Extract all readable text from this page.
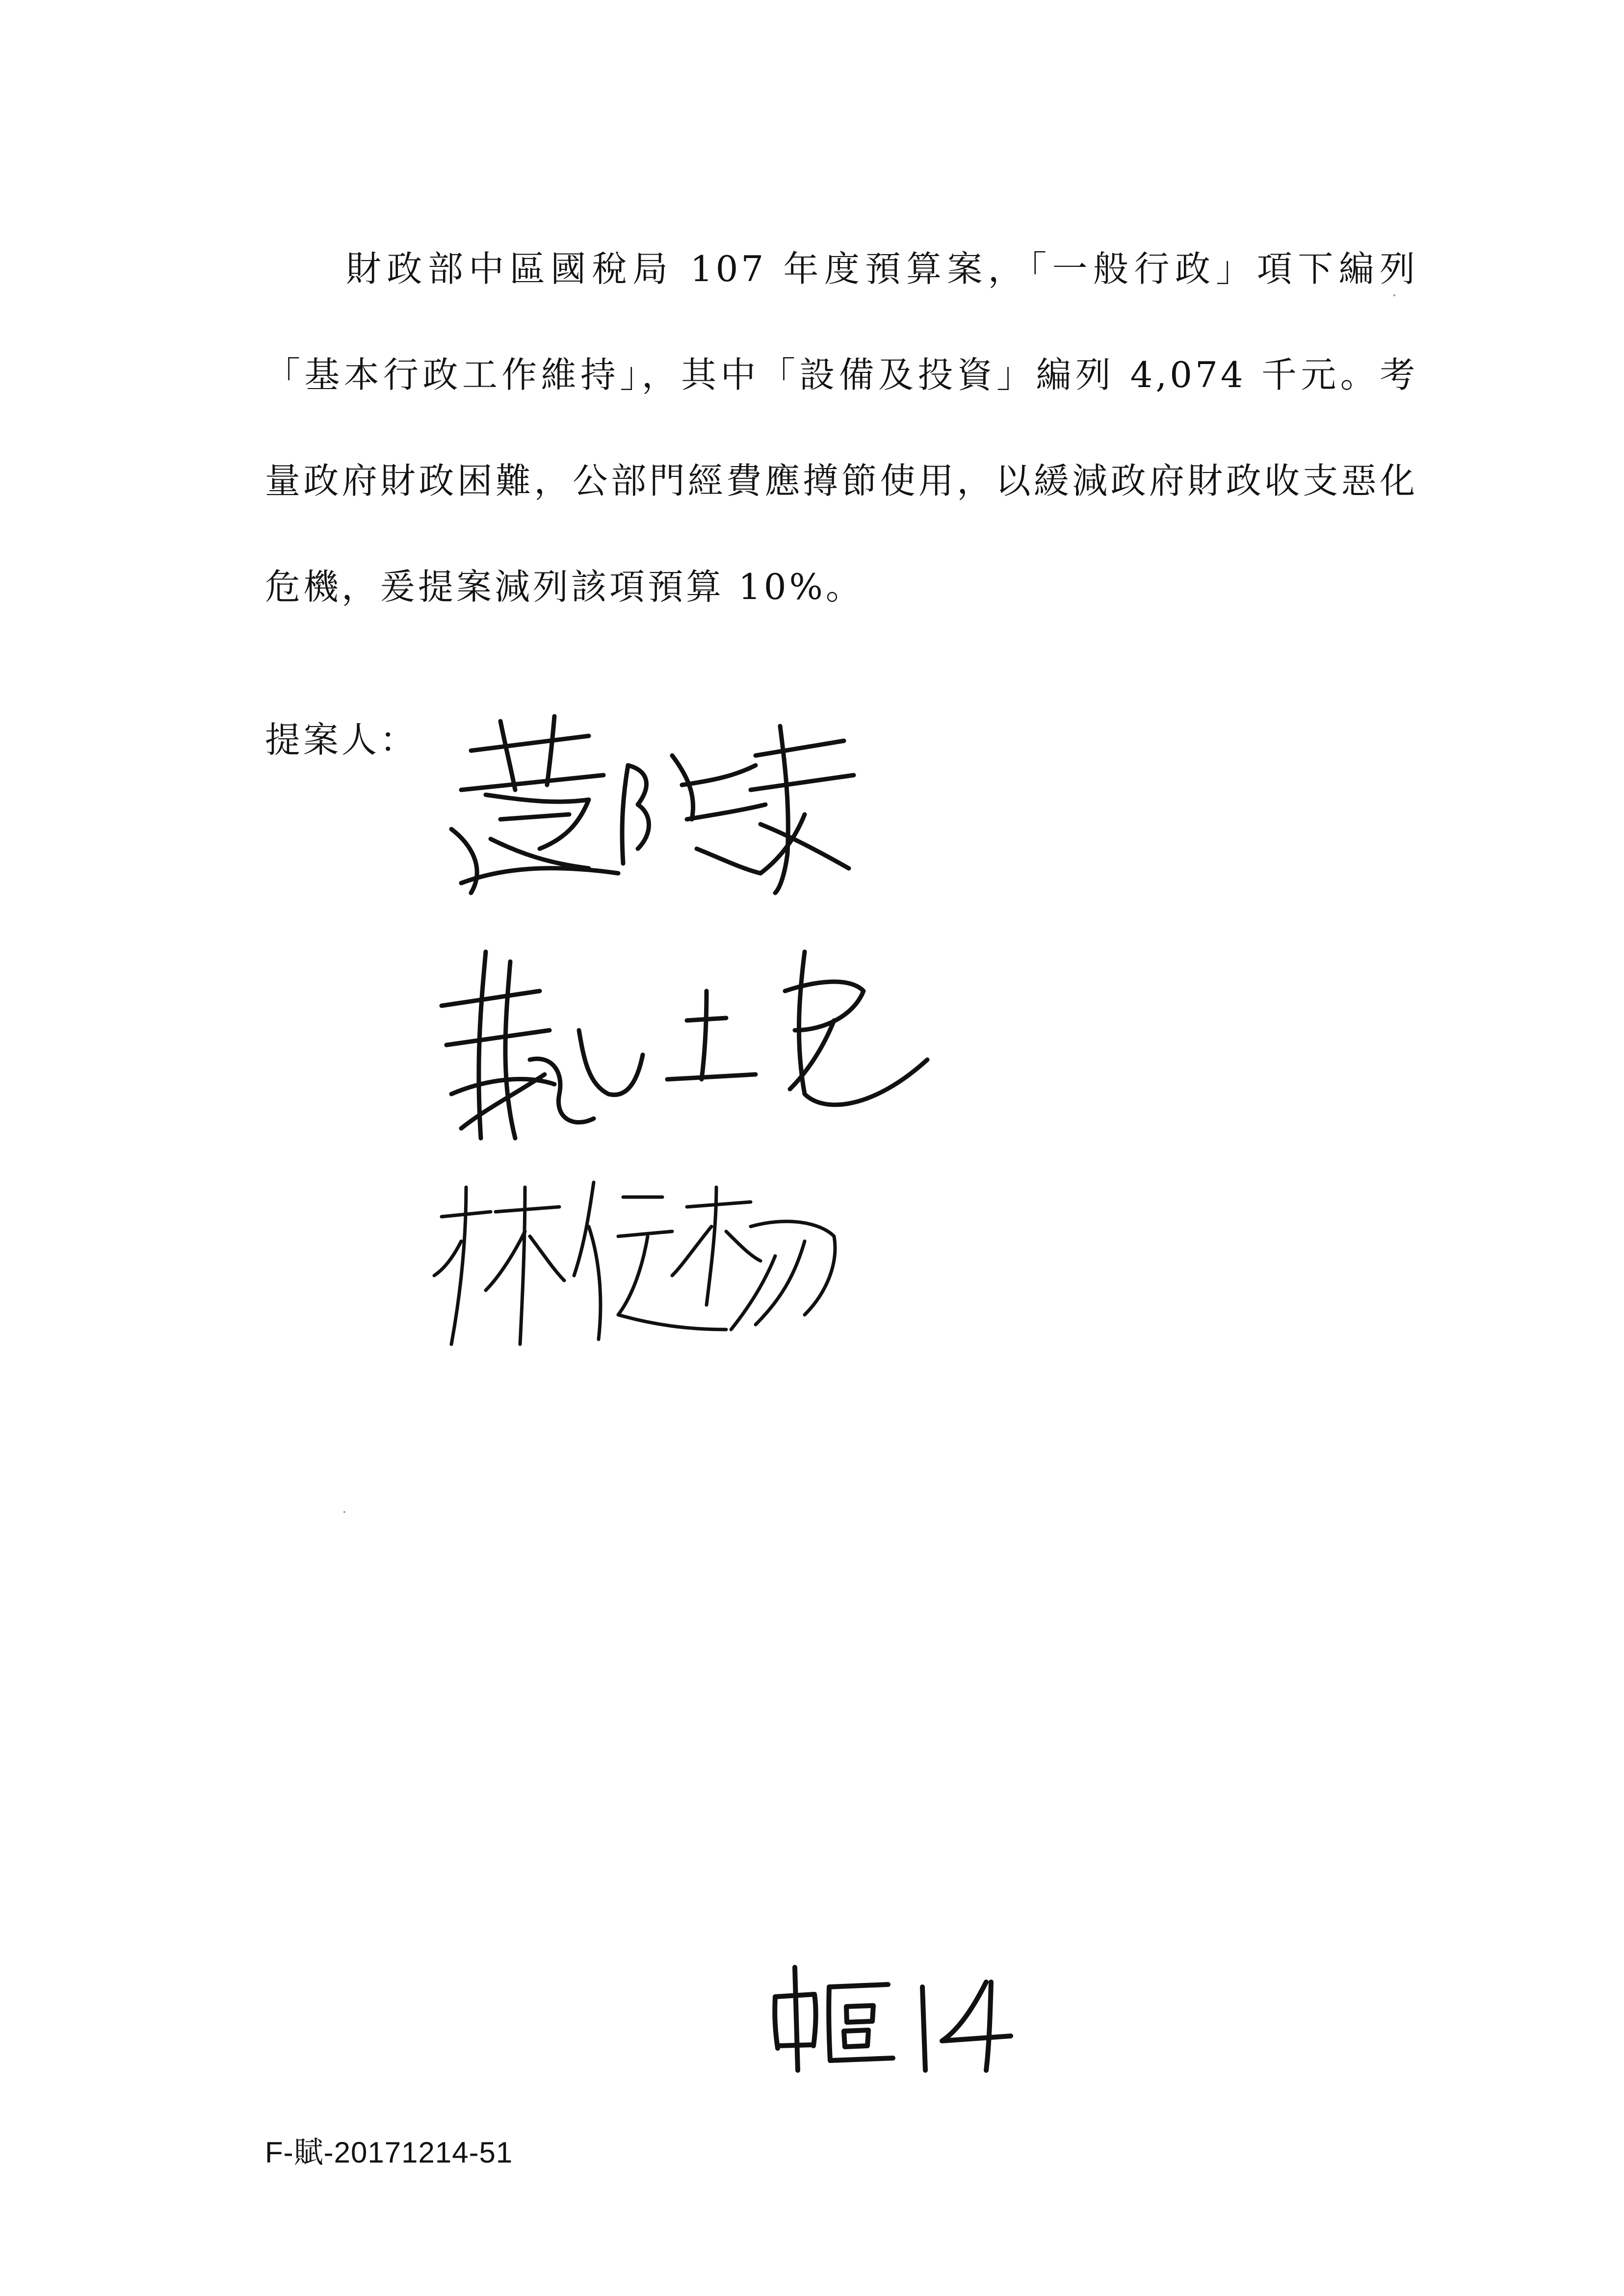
財政部中區國稅局 107 年度預算案，「一般行政」項下編列「基本行政工作維持」，其中「設備及投資」編列 4,074 千元。考量政府財政困難，公部門經費應撙節使用，以緩減政府財政收支惡化危機，爰提案減列該項預算 10%。

提案人：
F-賦-20171214-51
